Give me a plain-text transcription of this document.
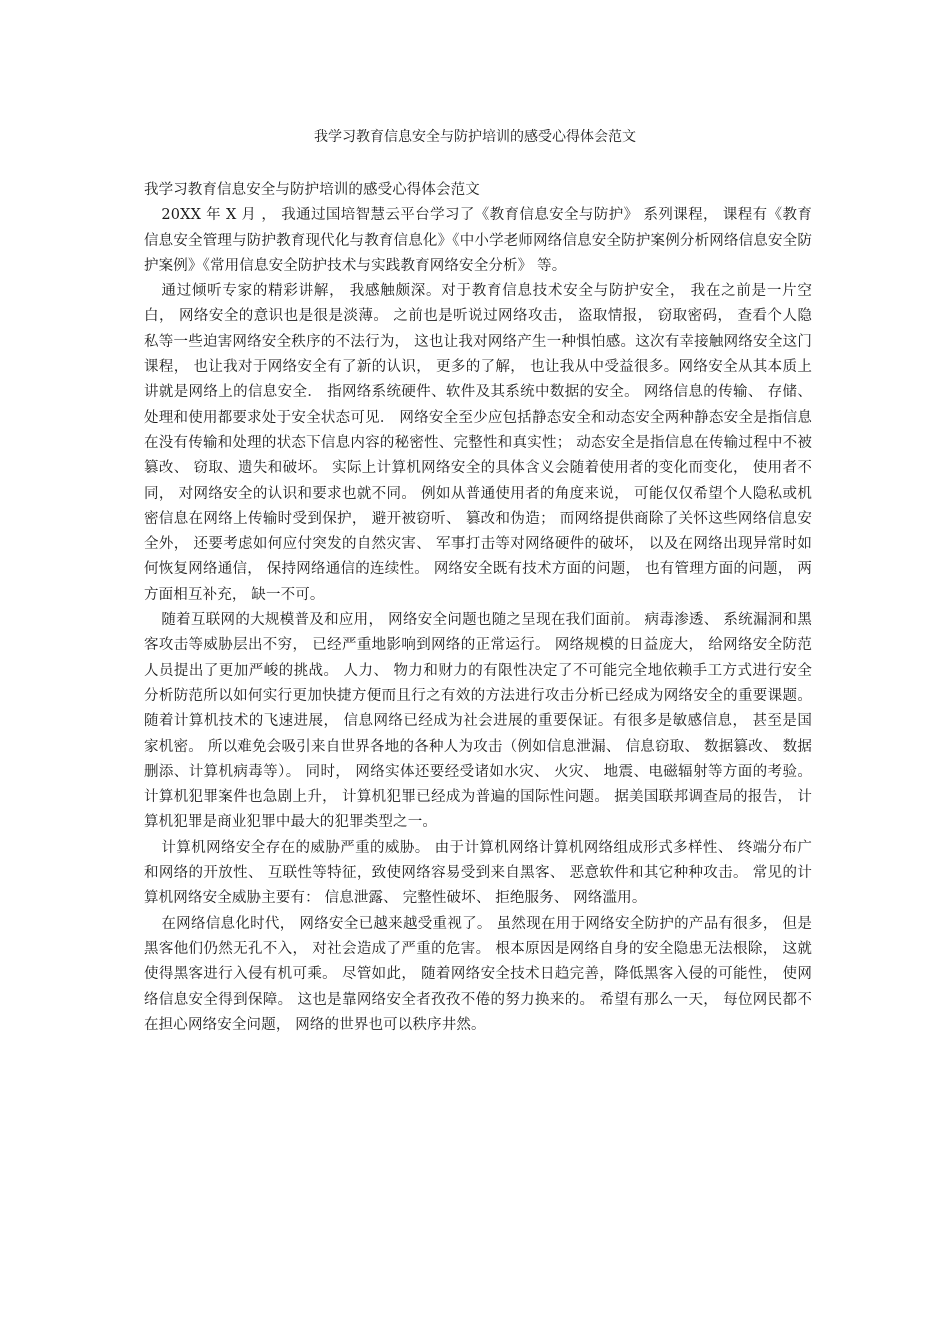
我学习教育信息安全与防护培训的感受心得体会范文

我学习教育信息安全与防护培训的感受心得体会范文

20XX 年 X 月 ， 我通过国培智慧云平台学习了《教育信息安全与防护》 系列课程， 课程有《教育信息安全管理与防护教育现代化与教育信息化》《中小学老师网络信息安全防护案例分析网络信息安全防护案例》《常用信息安全防护技术与实践教育网络安全分析》 等。

通过倾听专家的精彩讲解， 我感触颇深。对于教育信息技术安全与防护安全， 我在之前是一片空白， 网络安全的意识也是很是淡薄。 之前也是听说过网络攻击， 盗取情报， 窃取密码， 查看个人隐私等一些迫害网络安全秩序的不法行为， 这也让我对网络产生一种惧怕感。这次有幸接触网络安全这门课程， 也让我对于网络安全有了新的认识， 更多的了解， 也让我从中受益很多。网络安全从其本质上讲就是网络上的信息安全． 指网络系统硬件、软件及其系统中数据的安全。 网络信息的传输、 存储、 处理和使用都要求处于安全状态可见． 网络安全至少应包括静态安全和动态安全两种静态安全是指信息在没有传输和处理的状态下信息内容的秘密性、完整性和真实性； 动态安全是指信息在传输过程中不被篡改、 窃取、遗失和破坏。 实际上计算机网络安全的具体含义会随着使用者的变化而变化， 使用者不同， 对网络安全的认识和要求也就不同。 例如从普通使用者的角度来说， 可能仅仅希望个人隐私或机密信息在网络上传输时受到保护， 避开被窃听、 篡改和伪造； 而网络提供商除了关怀这些网络信息安全外， 还要考虑如何应付突发的自然灾害、 军事打击等对网络硬件的破坏， 以及在网络出现异常时如何恢复网络通信， 保持网络通信的连续性。 网络安全既有技术方面的问题， 也有管理方面的问题， 两方面相互补充， 缺一不可。

随着互联网的大规模普及和应用， 网络安全问题也随之呈现在我们面前。 病毒渗透、 系统漏洞和黑客攻击等威胁层出不穷， 已经严重地影响到网络的正常运行。 网络规模的日益庞大， 给网络安全防范人员提出了更加严峻的挑战。 人力、 物力和财力的有限性决定了不可能完全地依赖手工方式进行安全分析防范所以如何实行更加快捷方便而且行之有效的方法进行攻击分析已经成为网络安全的重要课题。 随着计算机技术的飞速进展， 信息网络已经成为社会进展的重要保证。有很多是敏感信息， 甚至是国家机密。 所以难免会吸引来自世界各地的各种人为攻击（例如信息泄漏、 信息窃取、 数据篡改、 数据删添、计算机病毒等）。 同时， 网络实体还要经受诸如水灾、 火灾、 地震、电磁辐射等方面的考验。 计算机犯罪案件也急剧上升， 计算机犯罪已经成为普遍的国际性问题。 据美国联邦调查局的报告， 计算机犯罪是商业犯罪中最大的犯罪类型之一。

计算机网络安全存在的威胁严重的威胁。 由于计算机网络计算机网络组成形式多样性、 终端分布广和网络的开放性、 互联性等特征，致使网络容易受到来自黑客、 恶意软件和其它种种攻击。 常见的计算机网络安全威胁主要有： 信息泄露、 完整性破坏、 拒绝服务、 网络滥用。

在网络信息化时代， 网络安全已越来越受重视了。 虽然现在用于网络安全防护的产品有很多， 但是黑客他们仍然无孔不入， 对社会造成了严重的危害。 根本原因是网络自身的安全隐患无法根除， 这就使得黑客进行入侵有机可乘。 尽管如此， 随着网络安全技术日趋完善，降低黑客入侵的可能性， 使网络信息安全得到保障。 这也是靠网络安全者孜孜不倦的努力换来的。 希望有那么一天， 每位网民都不在担心网络安全问题， 网络的世界也可以秩序井然。
